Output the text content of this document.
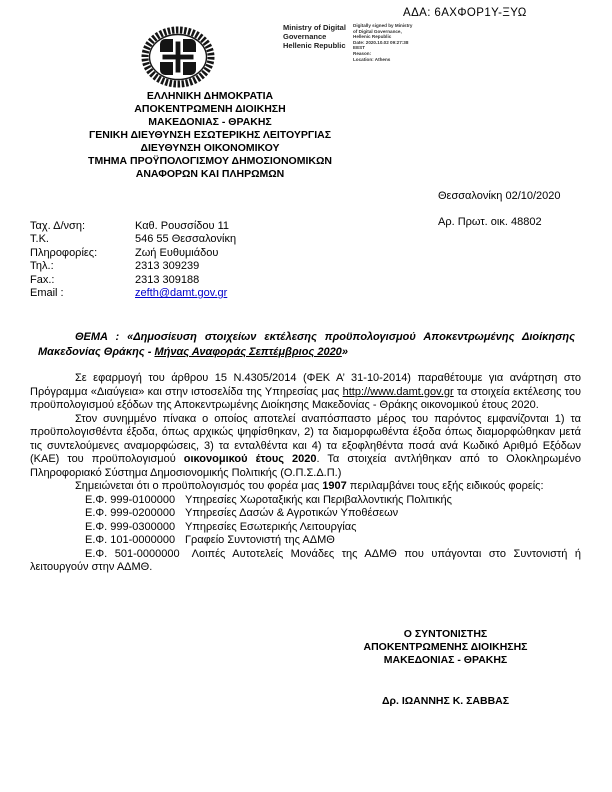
ΑΔΑ: 6ΑΧΦΟΡ1Υ-ΞΥΩ
Ministry of Digital
Governance
Hellenic Republic
Digitally signed by Ministry
of Digital Governance,
Hellenic Republic
Date: 2020.10.02 09:27:38
EEST
Reason:
Location: Athens
ΕΛΛΗΝΙΚΗ ΔΗΜΟΚΡΑΤΙΑ
ΑΠΟΚΕΝΤΡΩΜΕΝΗ ΔΙΟΙΚΗΣΗ
ΜΑΚΕΔΟΝΙΑΣ - ΘΡΑΚΗΣ
ΓΕΝΙΚΗ ΔΙΕΥΘΥΝΣΗ ΕΣΩΤΕΡΙΚΗΣ ΛΕΙΤΟΥΡΓΙΑΣ
ΔΙΕΥΘΥΝΣΗ ΟΙΚΟΝΟΜΙΚΟΥ
ΤΜΗΜΑ ΠΡΟΫΠΟΛΟΓΙΣΜΟΥ ΔΗΜΟΣΙΟΝΟΜΙΚΩΝ
ΑΝΑΦΟΡΩΝ ΚΑΙ ΠΛΗΡΩΜΩΝ
Θεσσαλονίκη 02/10/2020
Αρ. Πρωτ. οικ. 48802
Ταχ. Δ/νση:	Καθ. Ρουσσίδου 11
Τ.Κ.	546 55 Θεσσαλονίκη
Πληροφορίες:	Ζωή Ευθυμιάδου
Τηλ.:	2313 309239
Fax.:	2313 309188
Email :	zefth@damt.gov.gr
ΘΕΜΑ : «Δημοσίευση στοιχείων εκτέλεσης προϋπολογισμού Αποκεντρωμένης Διοίκησης Μακεδονίας Θράκης - Μήνας Αναφοράς Σεπτέμβριος 2020»

Σε εφαρμογή του άρθρου 15 Ν.4305/2014 (ΦΕΚ Α’ 31-10-2014) παραθέτουμε για ανάρτηση στο Πρόγραμμα «Διαύγεια» και στην ιστοσελίδα της Υπηρεσίας μας http://www.damt.gov.gr τα στοιχεία εκτέλεσης του προϋπολογισμού εξόδων της Αποκεντρωμένης Διοίκησης Μακεδονίας - Θράκης οικονομικού έτους 2020.

Στον συνημμένο πίνακα ο οποίος αποτελεί αναπόσπαστο μέρος του παρόντος εμφανίζονται 1) τα προϋπολογισθέντα έξοδα, όπως αρχικώς ψηφίσθηκαν, 2) τα διαμορφωθέντα έξοδα όπως διαμορφώθηκαν μετά τις συντελούμενες αναμορφώσεις, 3) τα ενταλθέντα και 4) τα εξοφληθέντα ποσά ανά Κωδικό Αριθμό Εξόδων (ΚΑΕ) του προϋπολογισμού οικονομικού έτους 2020. Τα στοιχεία αντλήθηκαν από το Ολοκληρωμένο Πληροφοριακό Σύστημα Δημοσιονομικής Πολιτικής (Ο.Π.Σ.Δ.Π.)

Σημειώνεται ότι ο προϋπολογισμός του φορέα μας 1907 περιλαμβάνει τους εξής ειδικούς φορείς:

Ε.Φ. 999-0100000 Υπηρεσίες Χωροταξικής και Περιβαλλοντικής Πολιτικής
Ε.Φ. 999-0200000 Υπηρεσίες Δασών & Αγροτικών Υποθέσεων
Ε.Φ. 999-0300000 Υπηρεσίες Εσωτερικής Λειτουργίας
Ε.Φ. 101-0000000 Γραφείο Συντονιστή της ΑΔΜΘ
Ε.Φ. 501-0000000 Λοιπές Αυτοτελείς Μονάδες της ΑΔΜΘ που υπάγονται στο Συντονιστή ή λειτουργούν στην ΑΔΜΘ.
Ο ΣΥΝΤΟΝΙΣΤΗΣ
ΑΠΟΚΕΝΤΡΩΜΕΝΗΣ ΔΙΟΙΚΗΣΗΣ
ΜΑΚΕΔΟΝΙΑΣ - ΘΡΑΚΗΣ
Δρ. ΙΩΑΝΝΗΣ Κ. ΣΑΒΒΑΣ
